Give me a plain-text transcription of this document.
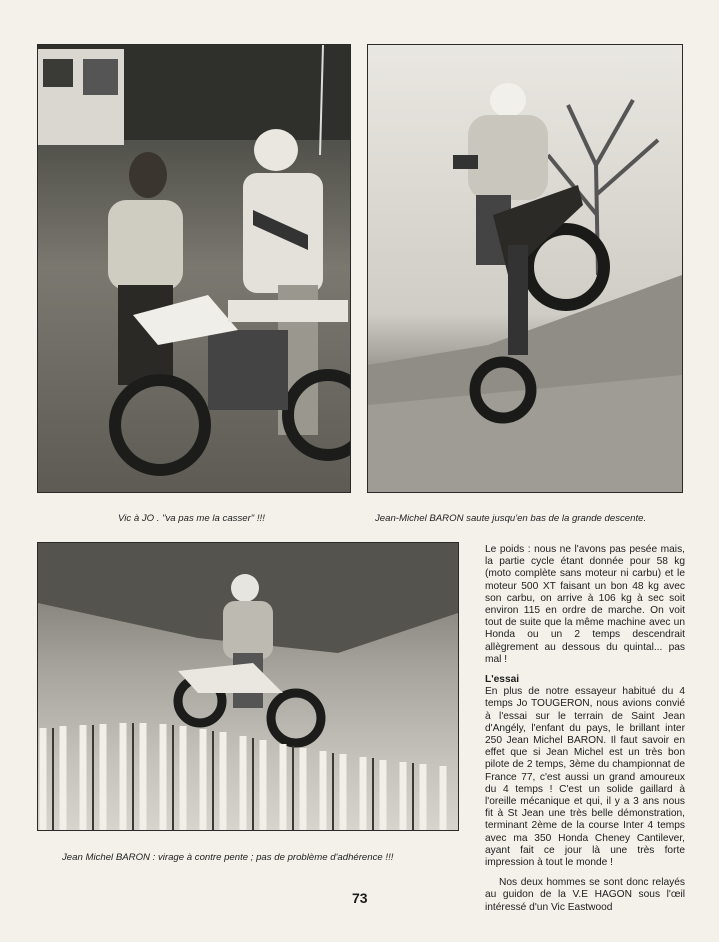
Vic à JO . "va pas me la casser" !!!	Jean-Michel BARON saute jusqu'en bas de la grande descente.
Jean Michel BARON : virage à contre pente ; pas de problème d'adhérence !!!

Le poids : nous ne l'avons pas pesée mais, la partie cycle étant donnée pour 58 kg (moto complète sans moteur ni carbu) et le moteur 500 XT faisant un bon 48 kg avec son carbu, on arrive à 106 kg à sec soit environ 115 en ordre de marche. On voit tout de suite que la même machine avec un Honda ou un 2 temps descendrait allègrement au dessous du quintal... pas mal !

L'essai

En plus de notre essayeur habitué du 4 temps Jo TOUGERON, nous avions convié à l'essai sur le terrain de Saint Jean d'Angély, l'enfant du pays, le brillant inter 250 Jean Michel BARON. Il faut savoir en effet que si Jean Michel est un très bon pilote de 2 temps, 3ème du championnat de France 77, c'est aussi un grand amoureux du 4 temps ! C'est un solide gaillard à l'oreille mécanique et qui, il y a 3 ans nous fit à St Jean une très belle démonstration, terminant 2ème de la course Inter 4 temps avec ma 350 Honda Cheney Cantilever, ayant fait ce jour là une très forte impression à tout le monde !

Nos deux hommes se sont donc relayés au guidon de la V.E HAGON sous l'œil intéressé d'un Vic Eastwood

73
